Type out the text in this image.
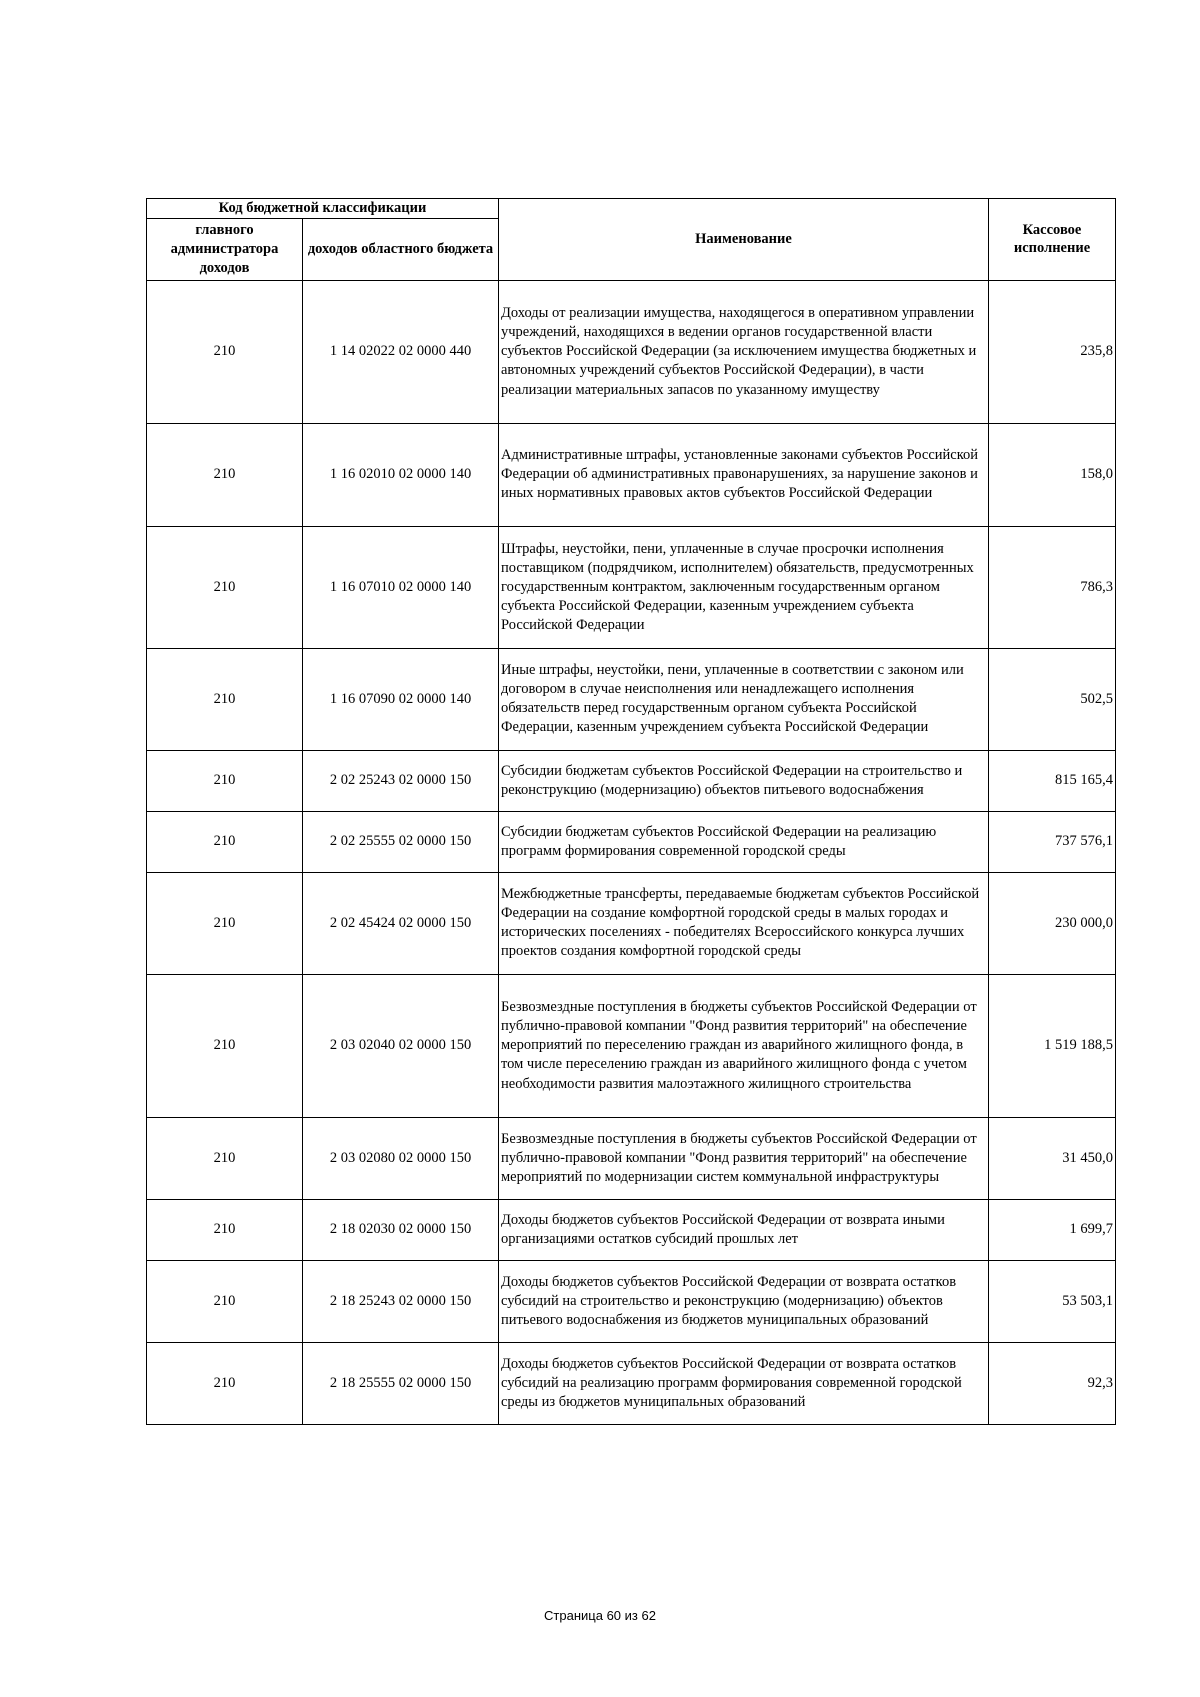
Код бюджетной классификации		Наименование	Кассовое исполнение
главного администратора доходов	доходов областного бюджета		
210	1 14 02022 02 0000 440	Доходы от реализации имущества, находящегося в оперативном управлении учреждений, находящихся в ведении органов государственной власти субъектов Российской Федерации (за исключением имущества бюджетных и автономных учреждений субъектов Российской Федерации), в части реализации материальных запасов по указанному имуществу	235,8
210	1 16 02010 02 0000 140	Административные штрафы, установленные законами субъектов Российской Федерации об административных правонарушениях, за нарушение законов и иных нормативных правовых актов субъектов Российской Федерации	158,0
210	1 16 07010 02 0000 140	Штрафы, неустойки, пени, уплаченные в случае просрочки исполнения поставщиком (подрядчиком, исполнителем) обязательств, предусмотренных государственным контрактом, заключенным государственным органом субъекта Российской Федерации, казенным учреждением субъекта Российской Федерации	786,3
210	1 16 07090 02 0000 140	Иные штрафы, неустойки, пени, уплаченные в соответствии с законом или договором в случае неисполнения или ненадлежащего исполнения обязательств перед государственным органом субъекта Российской Федерации, казенным учреждением субъекта Российской Федерации	502,5
210	2 02 25243 02 0000 150	Субсидии бюджетам субъектов Российской Федерации на строительство и реконструкцию (модернизацию) объектов питьевого водоснабжения	815 165,4
210	2 02 25555 02 0000 150	Субсидии бюджетам субъектов Российской Федерации на реализацию программ формирования современной городской среды	737 576,1
210	2 02 45424 02 0000 150	Межбюджетные трансферты, передаваемые бюджетам субъектов Российской Федерации на создание комфортной городской среды в малых городах и исторических поселениях - победителях Всероссийского конкурса лучших проектов создания комфортной городской среды	230 000,0
210	2 03 02040 02 0000 150	Безвозмездные поступления в бюджеты субъектов Российской Федерации от публично-правовой компании "Фонд развития территорий" на обеспечение мероприятий по переселению граждан из аварийного жилищного фонда, в том числе переселению граждан из аварийного жилищного фонда с учетом необходимости развития малоэтажного жилищного строительства	1 519 188,5
210	2 03 02080 02 0000 150	Безвозмездные поступления в бюджеты субъектов Российской Федерации от публично-правовой компании "Фонд развития территорий" на обеспечение мероприятий по модернизации систем коммунальной инфраструктуры	31 450,0
210	2 18 02030 02 0000 150	Доходы бюджетов субъектов Российской Федерации от возврата иными организациями остатков субсидий прошлых лет	1 699,7
210	2 18 25243 02 0000 150	Доходы бюджетов субъектов Российской Федерации от возврата остатков субсидий на строительство и реконструкцию (модернизацию) объектов питьевого водоснабжения из бюджетов муниципальных образований	53 503,1
210	2 18 25555 02 0000 150	Доходы бюджетов субъектов Российской Федерации от возврата остатков субсидий на реализацию программ формирования современной городской среды из бюджетов муниципальных образований	92,3
Страница 60 из 62
